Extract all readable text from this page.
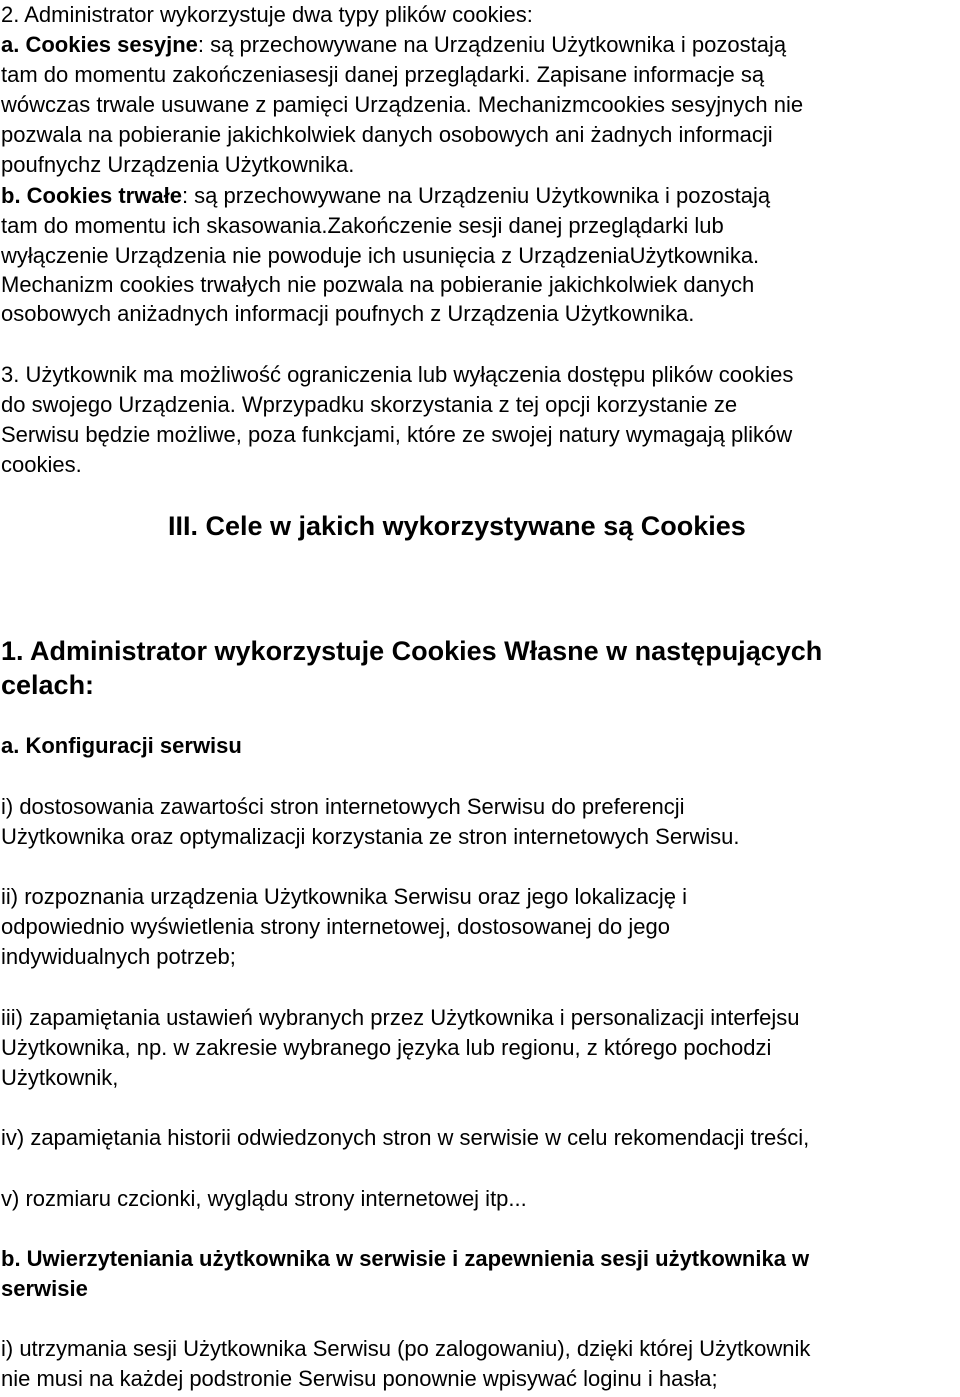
2. Administrator wykorzystuje dwa typy plików cookies:

a. Cookies sesyjne: są przechowywane na Urządzeniu Użytkownika i pozostają

tam do momentu zakończeniasesji danej przeglądarki. Zapisane informacje są

wówczas trwale usuwane z pamięci Urządzenia. Mechanizmcookies sesyjnych nie

pozwala na pobieranie jakichkolwiek danych osobowych ani żadnych informacji

poufnychz Urządzenia Użytkownika.

b. Cookies trwałe: są przechowywane na Urządzeniu Użytkownika i pozostają

tam do momentu ich skasowania.Zakończenie sesji danej przeglądarki lub

wyłączenie Urządzenia nie powoduje ich usunięcia z UrządzeniaUżytkownika.

Mechanizm cookies trwałych nie pozwala na pobieranie jakichkolwiek danych

osobowych aniżadnych informacji poufnych z Urządzenia Użytkownika.

3. Użytkownik ma możliwość ograniczenia lub wyłączenia dostępu plików cookies

do swojego Urządzenia. Wprzypadku skorzystania z tej opcji korzystanie ze

Serwisu będzie możliwe, poza funkcjami, które ze swojej natury wymagają plików

cookies.

III. Cele w jakich wykorzystywane są Cookies
1. Administrator wykorzystuje Cookies Własne w następujących
celach:
a. Konfiguracji serwisu

i) dostosowania zawartości stron internetowych Serwisu do preferencji

Użytkownika oraz optymalizacji korzystania ze stron internetowych Serwisu.

ii) rozpoznania urządzenia Użytkownika Serwisu oraz jego lokalizację i

odpowiednio wyświetlenia strony internetowej, dostosowanej do jego

indywidualnych potrzeb;

iii) zapamiętania ustawień wybranych przez Użytkownika i personalizacji interfejsu

Użytkownika, np. w zakresie wybranego języka lub regionu, z którego pochodzi

Użytkownik,

iv) zapamiętania historii odwiedzonych stron w serwisie w celu rekomendacji treści,

v) rozmiaru czcionki, wyglądu strony internetowej itp...

b. Uwierzyteniania użytkownika w serwisie i zapewnienia sesji użytkownika w
serwisie

i) utrzymania sesji Użytkownika Serwisu (po zalogowaniu), dzięki której Użytkownik

nie musi na każdej podstronie Serwisu ponownie wpisywać loginu i hasła;
